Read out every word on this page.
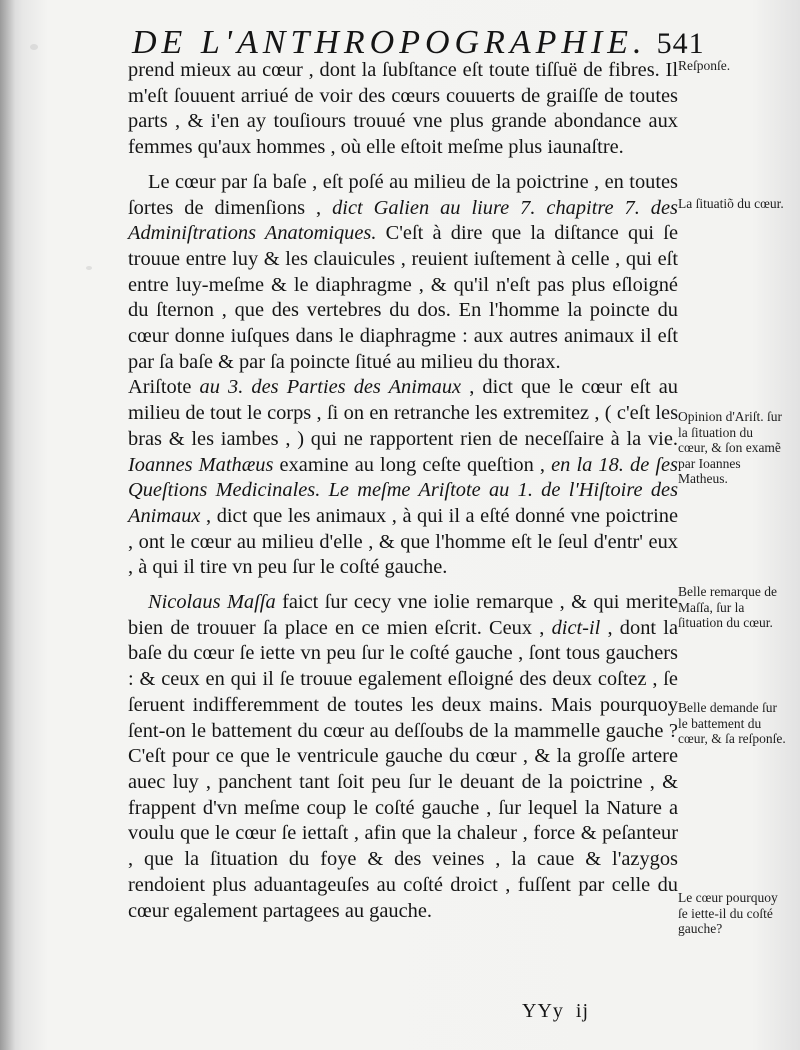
DE L'ANTHROPOGRAPHIE. 541

prend mieux au cœur , dont la ſubſtance eſt toute tiſſuë de fibres. Il m'eſt ſouuent arriué de voir des cœurs couuerts de graiſſe de toutes parts , & i'en ay touſiours trouué vne plus grande abondance aux femmes qu'aux hommes , où elle eſtoit meſme plus iaunaſtre.

Le cœur par ſa baſe , eſt poſé au milieu de la poictrine , en toutes ſortes de dimenſions , dict Galien au liure 7. chapitre 7. des Adminiſtrations Anatomiques. C'eſt à dire que la diſtance qui ſe trouue entre luy & les clauicules , reuient iuſtement à celle , qui eſt entre luy-meſme & le diaphragme , & qu'il n'eſt pas plus eſloigné du ſternon , que des vertebres du dos. En l'homme la poincte du cœur donne iuſques dans le diaphragme : aux autres animaux il eſt par ſa baſe & par ſa poincte ſitué au milieu du thorax.

Ariſtote au 3. des Parties des Animaux , dict que le cœur eſt au milieu de tout le corps , ſi on en retranche les extremitez , ( c'eſt les bras & les iambes , ) qui ne rapportent rien de neceſſaire à la vie. Ioannes Mathæus examine au long ceſte queſtion , en la 18. de ſes Queſtions Medicinales. Le meſme Ariſtote au 1. de l'Hiſtoire des Animaux , dict que les animaux , à qui il a eſté donné vne poictrine , ont le cœur au milieu d'elle , & que l'homme eſt le ſeul d'entr' eux , à qui il tire vn peu ſur le coſté gauche.

Nicolaus Maſſa faict ſur cecy vne iolie remarque , & qui merite bien de trouuer ſa place en ce mien eſcrit. Ceux , dict-il , dont la baſe du cœur ſe iette vn peu ſur le coſté gauche , ſont tous gauchers : & ceux en qui il ſe trouue egalement eſloigné des deux coſtez , ſe ſeruent indifferemment de toutes les deux mains. Mais pourquoy ſent-on le battement du cœur au deſſoubs de la mammelle gauche ? C'eſt pour ce que le ventricule gauche du cœur , & la groſſe artere auec luy , panchent tant ſoit peu ſur le deuant de la poictrine , & frappent d'vn meſme coup le coſté gauche , ſur lequel la Nature a voulu que le cœur ſe iettaſt , afin que la chaleur , force & peſanteur , que la ſituation du foye & des veines , la caue & l'azygos rendoient plus aduantageuſes au coſté droict , fuſſent par celle du cœur egalement partagees au gauche.

Reſponſe.
La ſituatiõ du cœur.
Opinion d'Ariſt. ſur la ſituation du cœur, & ſon examẽ par Ioannes Matheus.
Belle remarque de Maſſa, ſur la ſituation du cœur.
Belle demande ſur le battement du cœur, & ſa reſponſe.
Le cœur pourquoy ſe iette-il du coſté gauche?
YYy ij
